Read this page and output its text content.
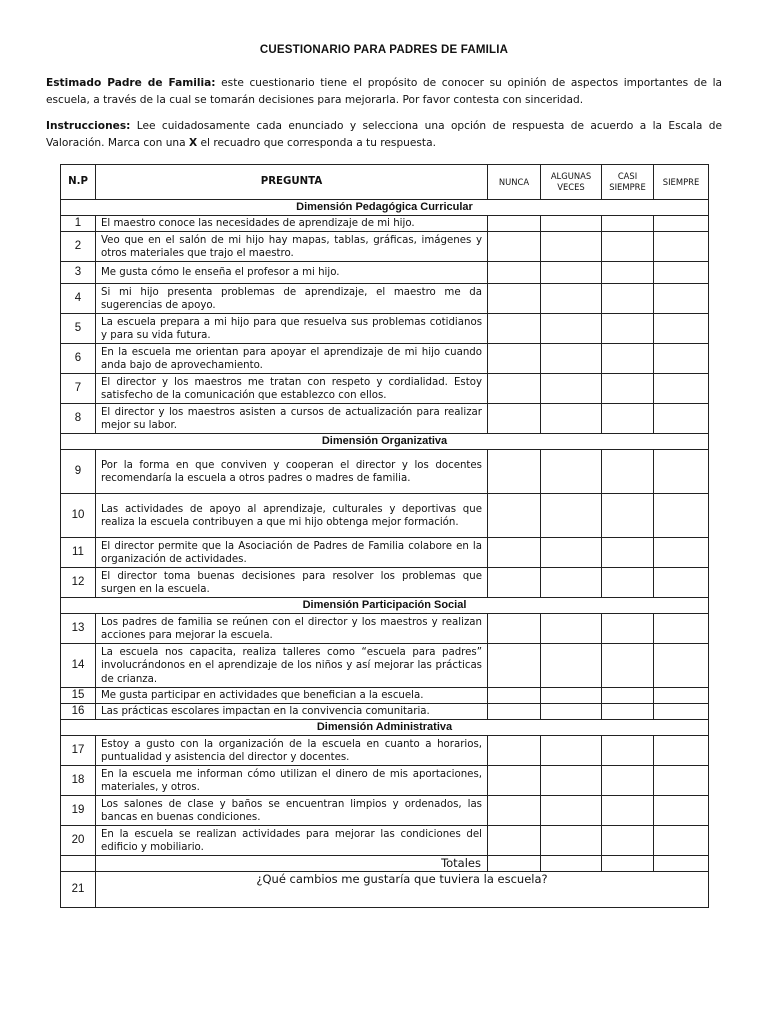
CUESTIONARIO PARA PADRES DE FAMILIA

Estimado Padre de Familia: este cuestionario tiene el propósito de conocer su opinión de aspectos importantes de la escuela, a través de la cual se tomarán decisiones para mejorarla. Por favor contesta con sinceridad.

Instrucciones: Lee cuidadosamente cada enunciado y selecciona una opción de respuesta de acuerdo a la Escala de Valoración. Marca con una X el recuadro que corresponda a tu respuesta.

N.P	PREGUNTA	NUNCA	ALGUNAS VECES	CASI SIEMPRE	SIEMPRE
Dimensión Pedagógica Curricular					
1	El maestro conoce las necesidades de aprendizaje de mi hijo.				
2	Veo que en el salón de mi hijo hay mapas, tablas, gráficas, imágenes y otros materiales que trajo el maestro.				
3	Me gusta cómo le enseña el profesor a mi hijo.				
4	Si mi hijo presenta problemas de aprendizaje, el maestro me da sugerencias de apoyo.				
5	La escuela prepara a mi hijo para que resuelva sus problemas cotidianos y para su vida futura.				
6	En la escuela me orientan para apoyar el aprendizaje de mi hijo cuando anda bajo de aprovechamiento.				
7	El director y los maestros me tratan con respeto y cordialidad. Estoy satisfecho de la comunicación que establezco con ellos.				
8	El director y los maestros asisten a cursos de actualización para realizar mejor su labor.				
Dimensión Organizativa					
9	Por la forma en que conviven y cooperan el director y los docentes recomendaría la escuela a otros padres o madres de familia.				
10	Las actividades de apoyo al aprendizaje, culturales y deportivas que realiza la escuela contribuyen a que mi hijo obtenga mejor formación.				
11	El director permite que la Asociación de Padres de Familia colabore en la organización de actividades.				
12	El director toma buenas decisiones para resolver los problemas que surgen en la escuela.				
Dimensión Participación Social					
13	Los padres de familia se reúnen con el director y los maestros y realizan acciones para mejorar la escuela.				
14	La escuela nos capacita, realiza talleres como “escuela para padres” involucrándonos en el aprendizaje de los niños y así mejorar las prácticas de crianza.				
15	Me gusta participar en actividades que benefician a la escuela.				
16	Las prácticas escolares impactan en la convivencia comunitaria.				
Dimensión Administrativa					
17	Estoy a gusto con la organización de la escuela en cuanto a horarios, puntualidad y asistencia del director y docentes.				
18	En la escuela me informan cómo utilizan el dinero de mis aportaciones, materiales, y otros.				
19	Los salones de clase y baños se encuentran limpios y ordenados, las bancas en buenas condiciones.				
20	En la escuela se realizan actividades para mejorar las condiciones del edificio y mobiliario.				
	Totales				
21	¿Qué cambios me gustaría que tuviera la escuela?				
